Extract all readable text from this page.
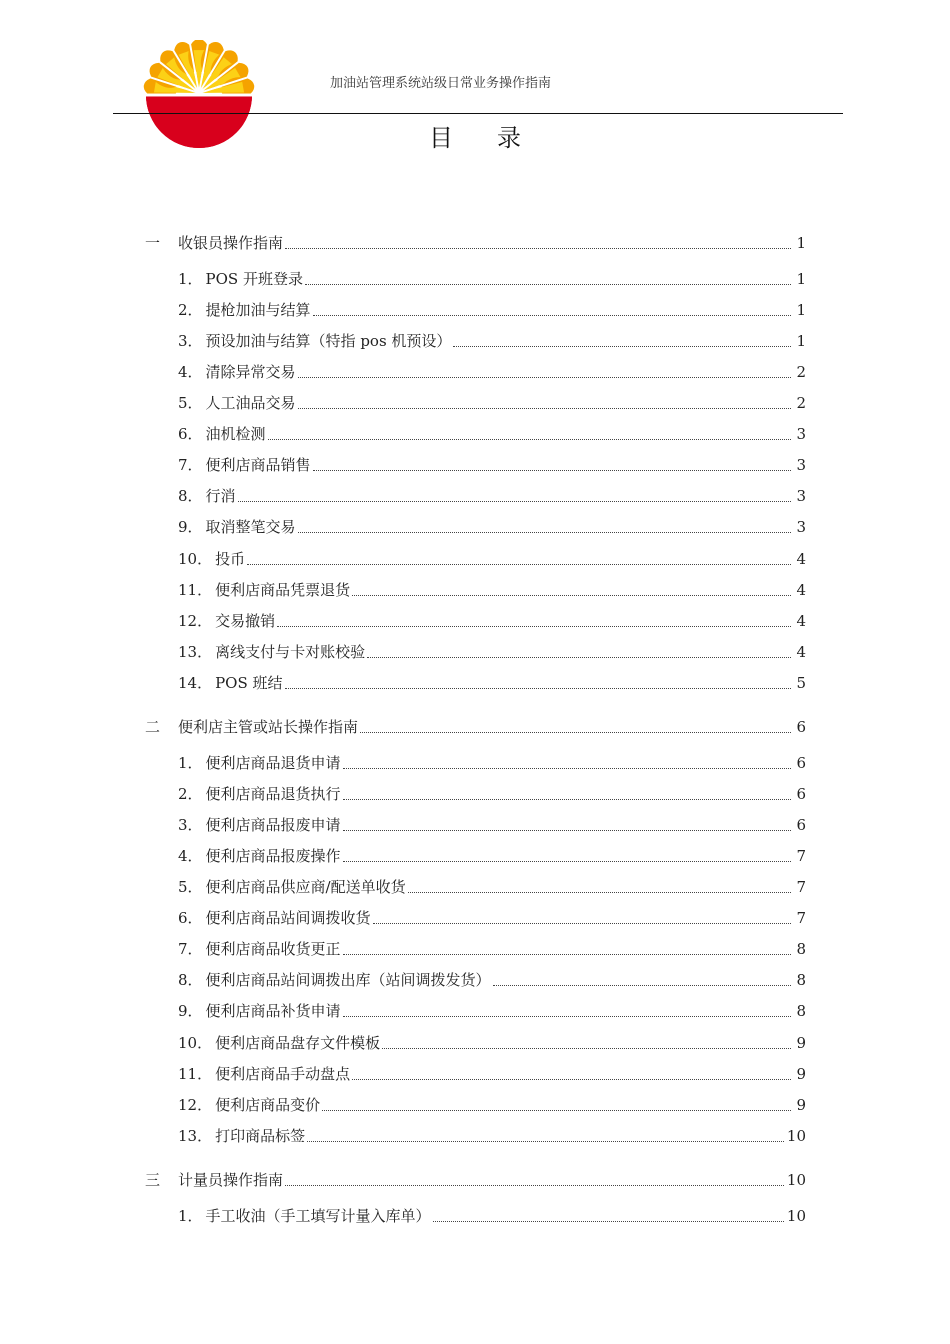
加油站管理系统站级日常业务操作指南
目录
一	收银员操作指南	1
1． POS 开班登录	1
2． 提枪加油与结算	1
3． 预设加油与结算（特指 pos 机预设）	1
4． 清除异常交易	2
5． 人工油品交易	2
6． 油机检测	3
7． 便利店商品销售	3
8． 行消	3
9． 取消整笔交易	3
10． 投币	4
11． 便利店商品凭票退货	4
12． 交易撤销	4
13． 离线支付与卡对账校验	4
14． POS 班结	5
二	便利店主管或站长操作指南	6
1． 便利店商品退货申请	6
2． 便利店商品退货执行	6
3． 便利店商品报废申请	6
4． 便利店商品报废操作	7
5． 便利店商品供应商/配送单收货	7
6． 便利店商品站间调拨收货	7
7． 便利店商品收货更正	8
8． 便利店商品站间调拨出库（站间调拨发货）	8
9． 便利店商品补货申请	8
10． 便利店商品盘存文件模板	9
11． 便利店商品手动盘点	9
12． 便利店商品变价	9
13． 打印商品标签	10
三	计量员操作指南	10
1． 手工收油（手工填写计量入库单）	10
